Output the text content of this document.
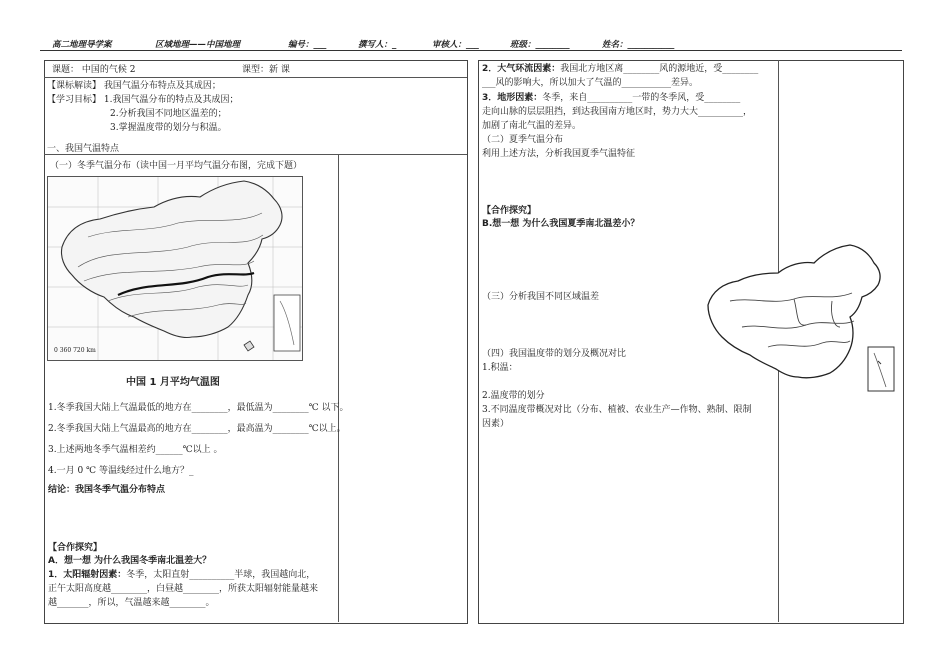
高二地理导学案	区域地理——中国地理	编号：___	撰写人：_	审核人：___	班级：________	姓名：___________
课题： 中国的气候 2	课型：新 课
【课标解读】 我国气温分布特点及其成因；
【学习目标】 1.我国气温分布的特点及其成因；
2.分析我国不同地区温差的；
3.掌握温度带的划分与积温。
一、我国气温特点
（一）冬季气温分布（读中国一月平均气温分布图，完成下题）
0 360 720 km
中国 1 月平均气温图
1.冬季我国大陆上气温最低的地方在________，最低温为________℃ 以下。
2.冬季我国大陆上气温最高的地方在________，最高温为________℃以上。
3.上述两地冬季气温相差约______℃以上 。
4.一月 0 ℃ 等温线经过什么地方？_
结论：我国冬季气温分布特点
【合作探究】
A．想一想 为什么我国冬季南北温差大？
1．太阳辐射因素：冬季，太阳直射__________半球，我国越向北，
正午太阳高度越________，白昼越________，所获太阳辐射能量越来
越_______，所以，气温越来越________。
2．大气环流因素：我国北方地区离________风的源地近，受________
___风的影响大，所以加大了气温的___________差异。
3．地形因素：冬季，来自__________一带的冬季风，受________
走向山脉的层层阻挡，到达我国南方地区时，势力大大__________，
加剧了南北气温的差异。
（二）夏季气温分布
利用上述方法，分析我国夏季气温特征
【合作探究】
B.想一想 为什么我国夏季南北温差小？
（三）分析我国不同区域温差
（四）我国温度带的划分及概况对比
1.积温：
2.温度带的划分
3.不同温度带概况对比（分布、植被、农业生产—作物、熟制、限制
因素）
